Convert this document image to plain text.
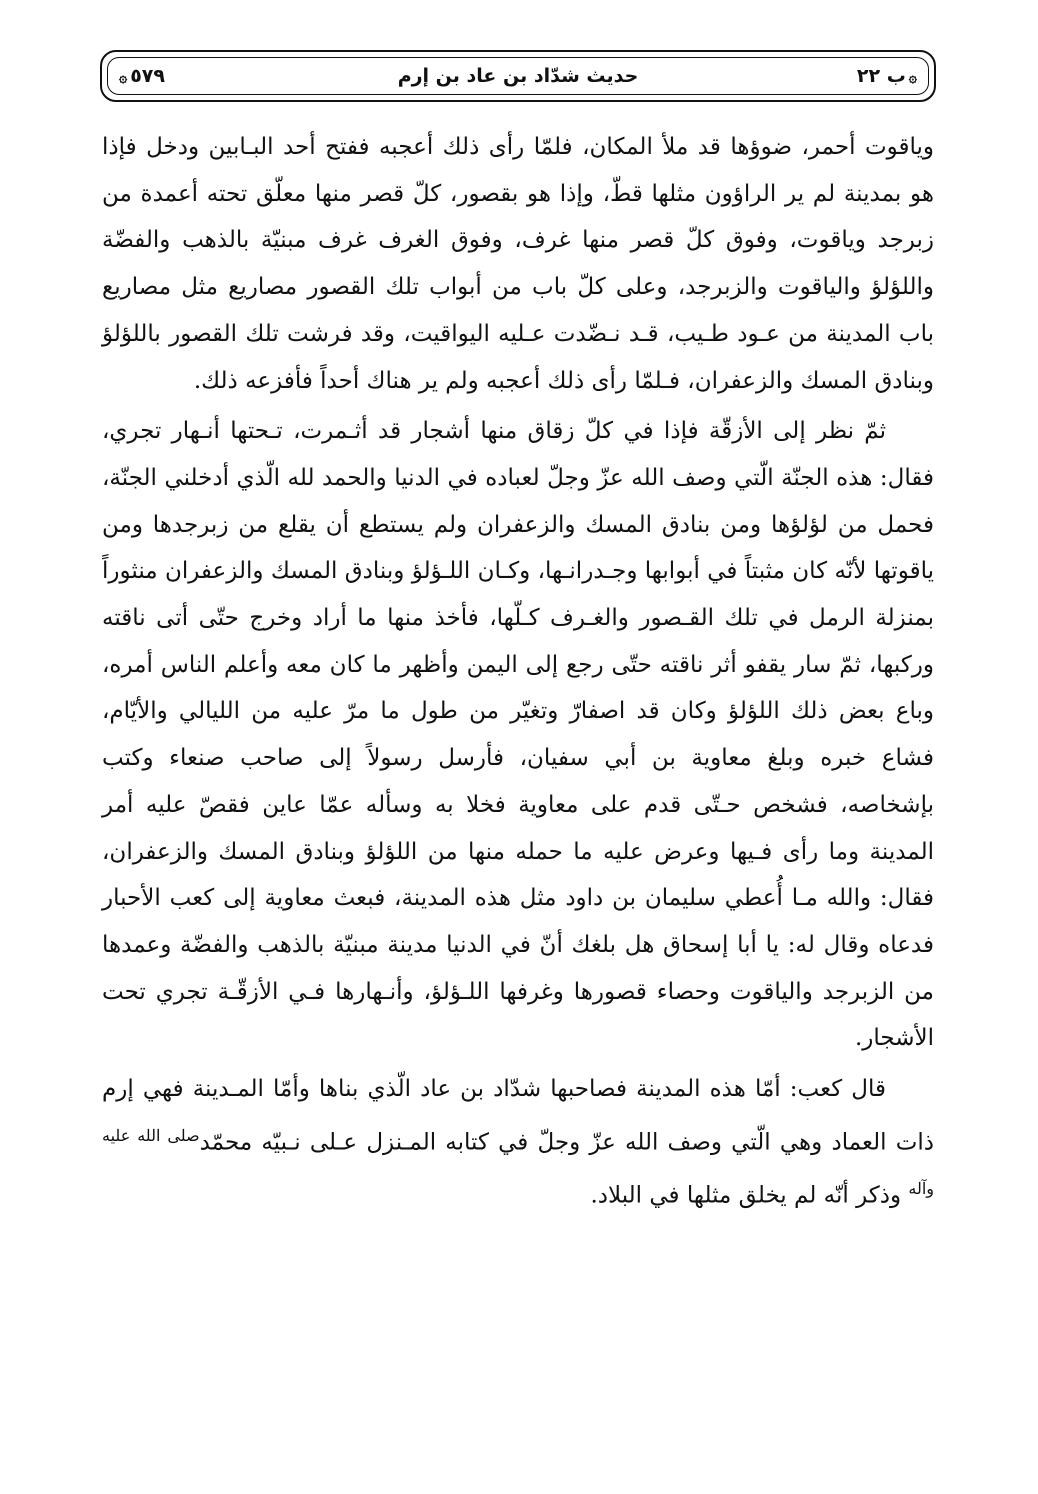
۞ب ٢٢
حديث شدّاد بن عاد بن إرم
٥٧٩۞

وياقوت أحمر، ضوؤها قد ملأ المكان، فلمّا رأى ذلك أعجبه ففتح أحد البـابين ودخل فإذا هو بمدينة لم ير الراؤون مثلها قطّ، وإذا هو بقصور، كلّ قصر منها معلّق تحته أعمدة من زبرجد وياقوت، وفوق كلّ قصر منها غرف، وفوق الغرف غرف مبنيّة بالذهب والفضّة واللؤلؤ والياقوت والزبرجد، وعلى كلّ باب من أبواب تلك القصور مصاريع مثل مصاريع باب المدينة من عـود طـيب، قـد نـضّدت عـليه اليواقيت، وقد فرشت تلك القصور باللؤلؤ وبنادق المسك والزعفران، فـلمّا رأى ذلك أعجبه ولم ير هناك أحداً فأفزعه ذلك.

ثمّ نظر إلى الأزقّة فإذا في كلّ زقاق منها أشجار قد أثـمرت، تـحتها أنـهار تجري، فقال: هذه الجنّة الّتي وصف الله عزّ وجلّ لعباده في الدنيا والحمد لله الّذي أدخلني الجنّة، فحمل من لؤلؤها ومن بنادق المسك والزعفران ولم يستطع أن يقلع من زبرجدها ومن ياقوتها لأنّه كان مثبتاً في أبوابها وجـدرانـها، وكـان اللـؤلؤ وبنادق المسك والزعفران منثوراً بمنزلة الرمل في تلك القـصور والغـرف كـلّها، فأخذ منها ما أراد وخرج حتّى أتى ناقته وركبها، ثمّ سار يقفو أثر ناقته حتّى رجع إلى اليمن وأظهر ما كان معه وأعلم الناس أمره، وباع بعض ذلك اللؤلؤ وكان قد اصفارّ وتغيّر من طول ما مرّ عليه من الليالي والأيّام، فشاع خبره وبلغ معاوية بن أبي سفيان، فأرسل رسولاً إلى صاحب صنعاء وكتب بإشخاصه، فشخص حـتّى قدم على معاوية فخلا به وسأله عمّا عاين فقصّ عليه أمر المدينة وما رأى فـيها وعرض عليه ما حمله منها من اللؤلؤ وبنادق المسك والزعفران، فقال: والله مـا أُعطي سليمان بن داود مثل هذه المدينة، فبعث معاوية إلى كعب الأحبار فدعاه وقال له: يا أبا إسحاق هل بلغك أنّ في الدنيا مدينة مبنيّة بالذهب والفضّة وعمدها من الزبرجد والياقوت وحصاء قصورها وغرفها اللـؤلؤ، وأنـهارها فـي الأزقّـة تجري تحت الأشجار.

قال كعب: أمّا هذه المدينة فصاحبها شدّاد بن عاد الّذي بناها وأمّا المـدينة فهي إرم ذات العماد وهي الّتي وصف الله عزّ وجلّ في كتابه المـنزل عـلى نـبيّه محمّد$^{صلى الله عليه وآله}$ وذكر أنّه لم يخلق مثلها في البلاد.
